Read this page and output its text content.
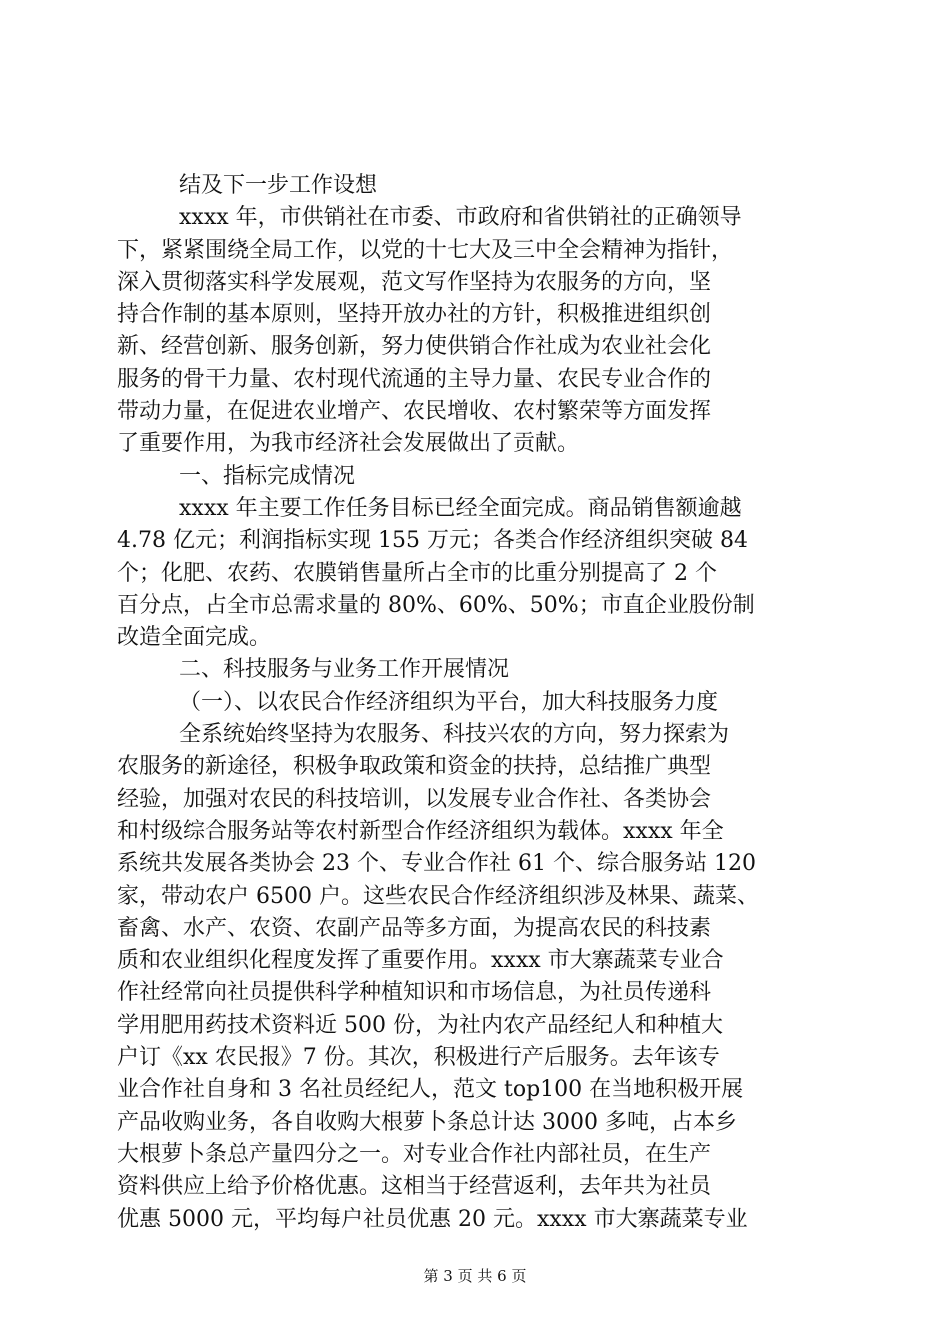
结及下一步工作设想
xxxx 年，市供销社在市委、市政府和省供销社的正确领导
下，紧紧围绕全局工作，以党的十七大及三中全会精神为指针，
深入贯彻落实科学发展观，范文写作坚持为农服务的方向，坚
持合作制的基本原则，坚持开放办社的方针，积极推进组织创
新、经营创新、服务创新，努力使供销合作社成为农业社会化
服务的骨干力量、农村现代流通的主导力量、农民专业合作的
带动力量，在促进农业增产、农民增收、农村繁荣等方面发挥
了重要作用，为我市经济社会发展做出了贡献。
一、指标完成情况
xxxx 年主要工作任务目标已经全面完成。商品销售额逾越
4.78 亿元；利润指标实现 155 万元；各类合作经济组织突破 84
个；化肥、农药、农膜销售量所占全市的比重分别提高了 2 个
百分点，占全市总需求量的 80%、60%、50%；市直企业股份制
改造全面完成。
二、科技服务与业务工作开展情况
（一）、以农民合作经济组织为平台，加大科技服务力度
全系统始终坚持为农服务、科技兴农的方向，努力探索为
农服务的新途径，积极争取政策和资金的扶持，总结推广典型
经验，加强对农民的科技培训，以发展专业合作社、各类协会
和村级综合服务站等农村新型合作经济组织为载体。xxxx 年全
系统共发展各类协会 23 个、专业合作社 61 个、综合服务站 120
家，带动农户 6500 户。这些农民合作经济组织涉及林果、蔬菜、
畜禽、水产、农资、农副产品等多方面，为提高农民的科技素
质和农业组织化程度发挥了重要作用。xxxx 市大寨蔬菜专业合
作社经常向社员提供科学种植知识和市场信息，为社员传递科
学用肥用药技术资料近 500 份，为社内农产品经纪人和种植大
户订《xx 农民报》7 份。其次，积极进行产后服务。去年该专
业合作社自身和 3 名社员经纪人，范文 top100 在当地积极开展
产品收购业务，各自收购大根萝卜条总计达 3000 多吨，占本乡
大根萝卜条总产量四分之一。对专业合作社内部社员，在生产
资料供应上给予价格优惠。这相当于经营返利，去年共为社员
优惠 5000 元，平均每户社员优惠 20 元。xxxx 市大寨蔬菜专业
第 3 页 共 6 页
